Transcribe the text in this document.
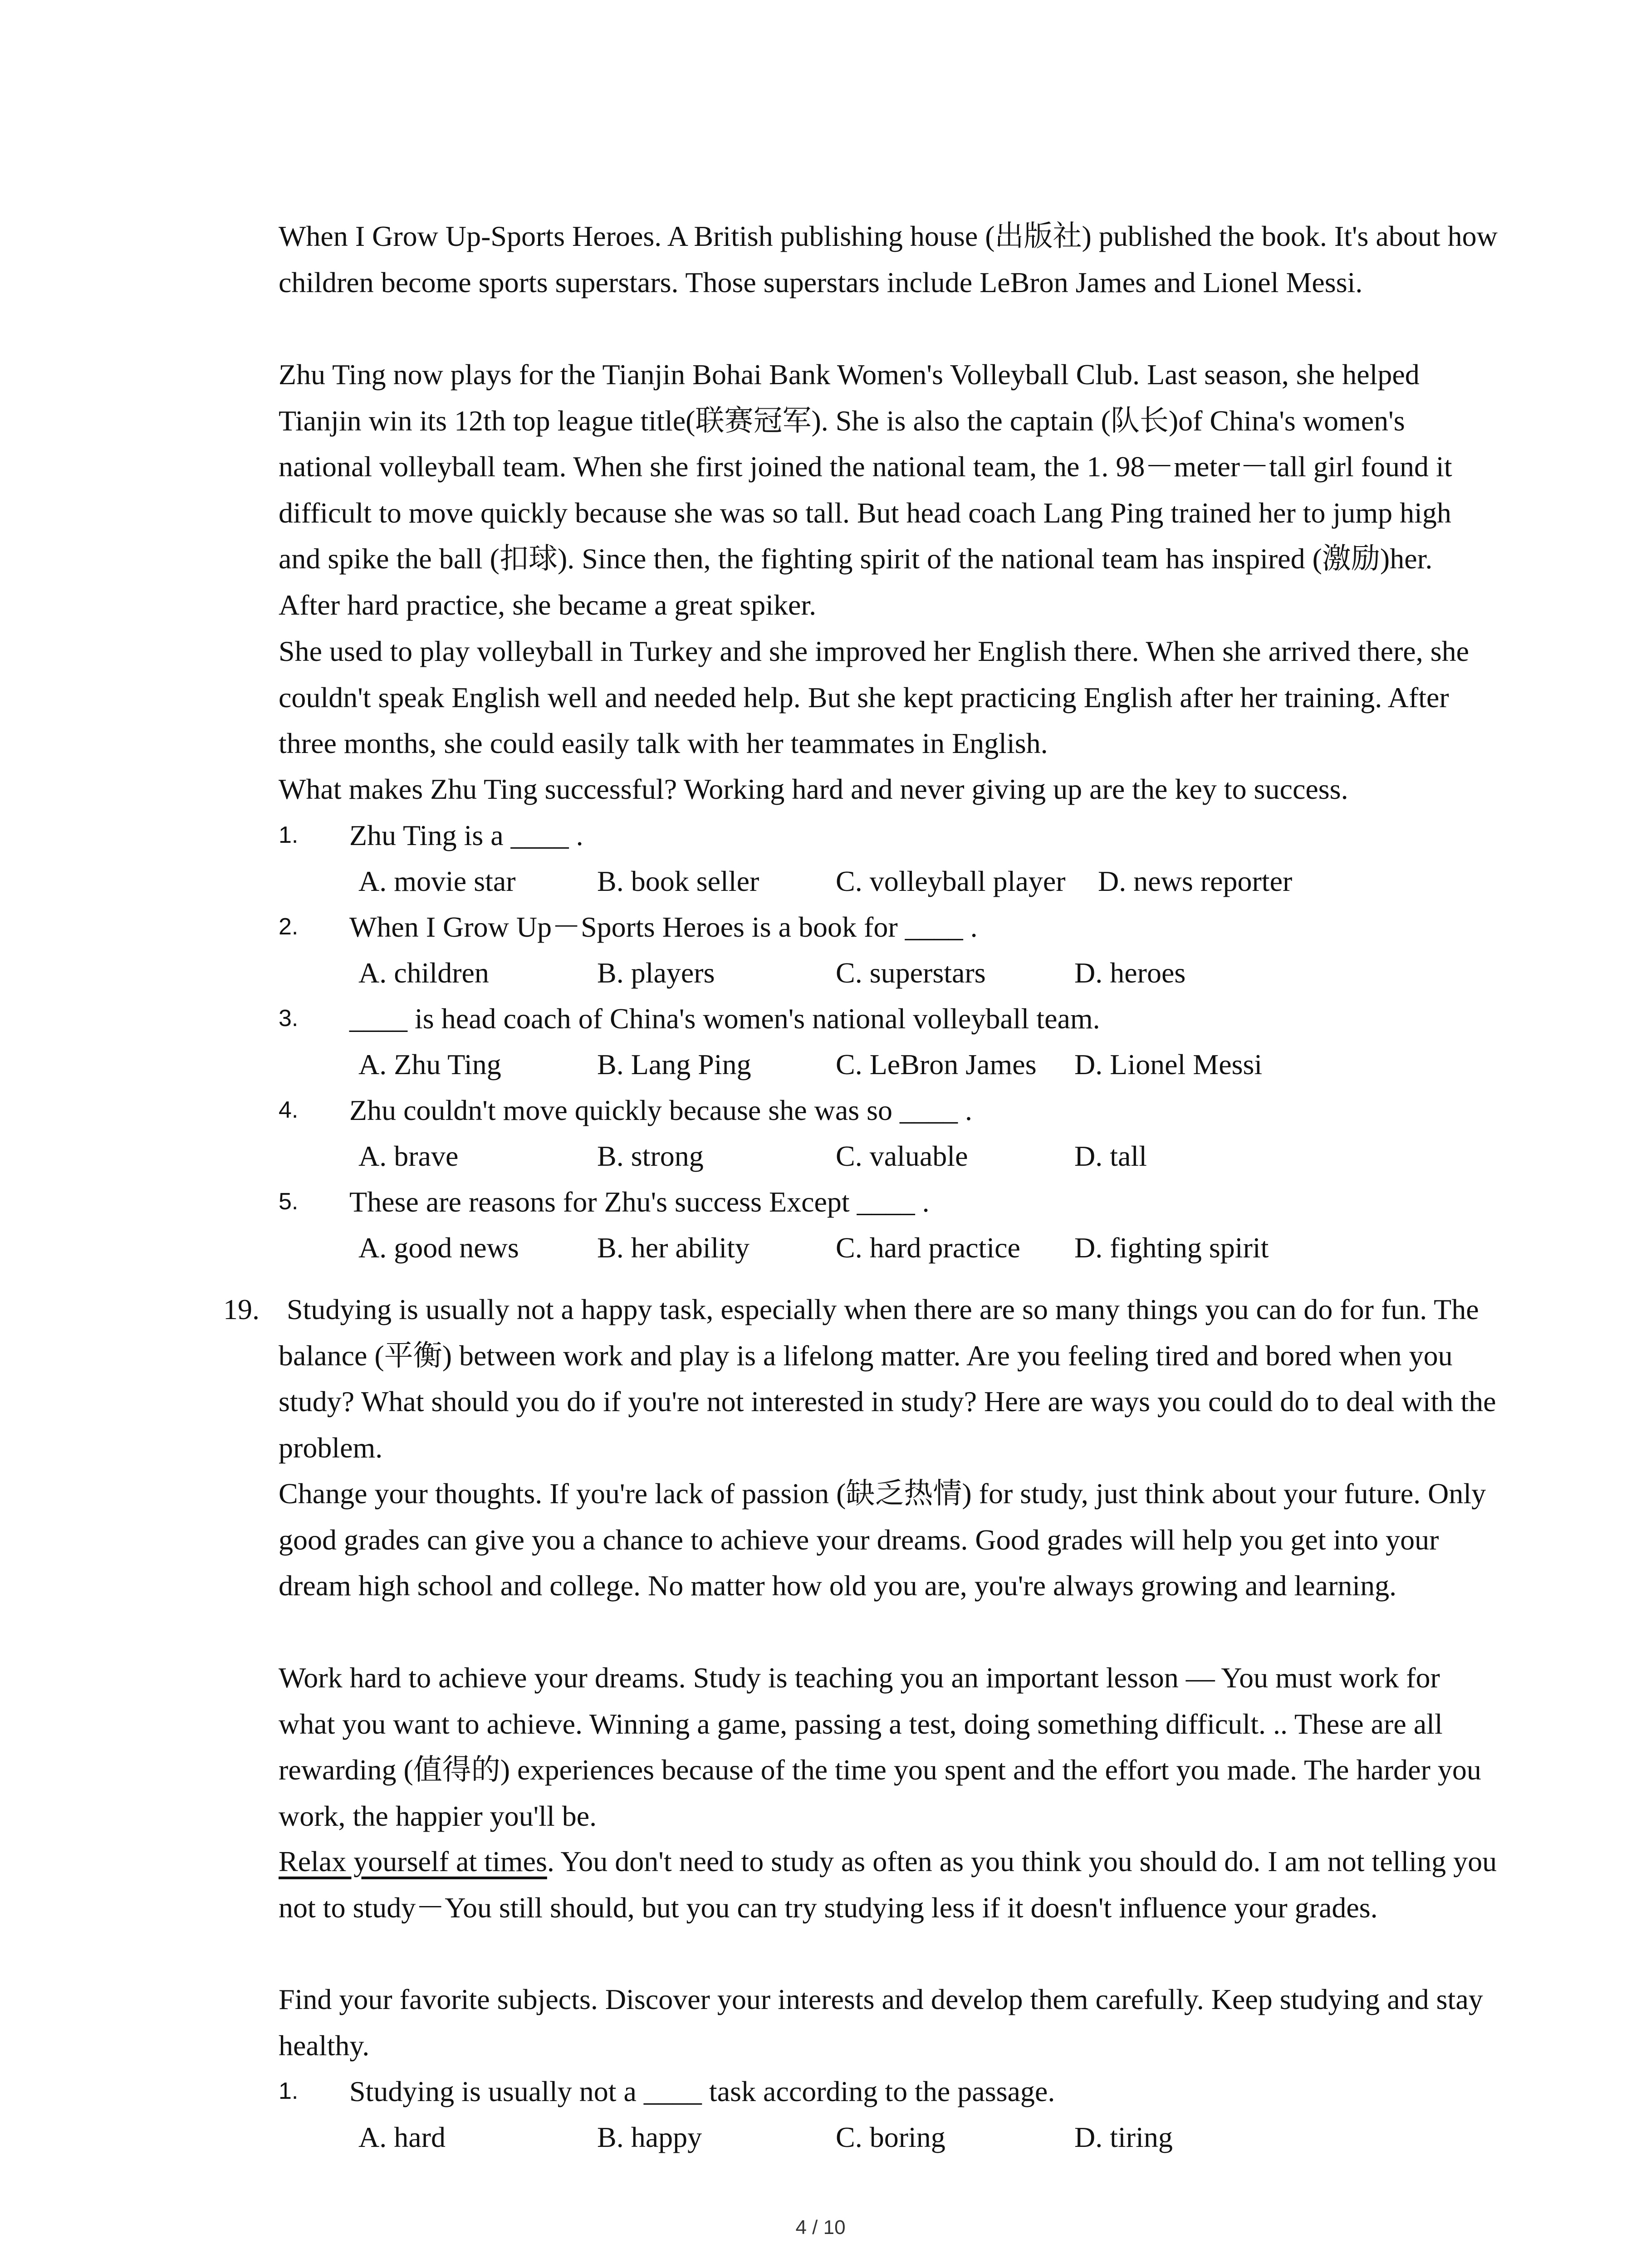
When I Grow Up-Sports Heroes. A British publishing house (出版社) published the book. It's about how children become sports superstars. Those superstars include LeBron James and Lionel Messi.

Zhu Ting now plays for the Tianjin Bohai Bank Women's Volleyball Club. Last season, she helped Tianjin win its 12th top league title(联赛冠军). She is also the captain (队长)of China's women's national volleyball team. When she first joined the national team, the 1. 98－meter－tall girl found it difficult to move quickly because she was so tall. But head coach Lang Ping trained her to jump high and spike the ball (扣球). Since then, the fighting spirit of the national team has inspired (激励)her. After hard practice, she became a great spiker.

She used to play volleyball in Turkey and she improved her English there. When she arrived there, she couldn't speak English well and needed help. But she kept practicing English after her training. After three months, she could easily talk with her teammates in English.

What makes Zhu Ting successful? Working hard and never giving up are the key to success.

1. Zhu Ting is a ____ .
A. movie star	B. book seller	C. volleyball player D. news reporter
2. When I Grow Up－Sports Heroes is a book for ____ .
A. children	B. players	C. superstars	D. heroes
3. ____ is head coach of China's women's national volleyball team.
A. Zhu Ting	B. Lang Ping	C. LeBron James D. Lionel Messi
4. Zhu couldn't move quickly because she was so ____ .
A. brave	B. strong	C. valuable	D. tall
5. These are reasons for Zhu's success Except ____ .
A. good news	B. her ability	C. hard practice D. fighting spirit
19. Studying is usually not a happy task, especially when there are so many things you can do for fun. The balance (平衡) between work and play is a lifelong matter. Are you feeling tired and bored when you study? What should you do if you're not interested in study? Here are ways you could do to deal with the problem.

Change your thoughts. If you're lack of passion (缺乏热情) for study, just think about your future. Only good grades can give you a chance to achieve your dreams. Good grades will help you get into your dream high school and college. No matter how old you are, you're always growing and learning.

Work hard to achieve your dreams. Study is teaching you an important lesson — You must work for what you want to achieve. Winning a game, passing a test, doing something difficult. .. These are all rewarding (值得的) experiences because of the time you spent and the effort you made. The harder you work, the happier you'll be.

Relax yourself at times. You don't need to study as often as you think you should do. I am not telling you not to study－You still should, but you can try studying less if it doesn't influence your grades.

Find your favorite subjects. Discover your interests and develop them carefully. Keep studying and stay healthy.

1. Studying is usually not a ____ task according to the passage.
A. hard	B. happy	C. boring	D. tiring
4 / 10
